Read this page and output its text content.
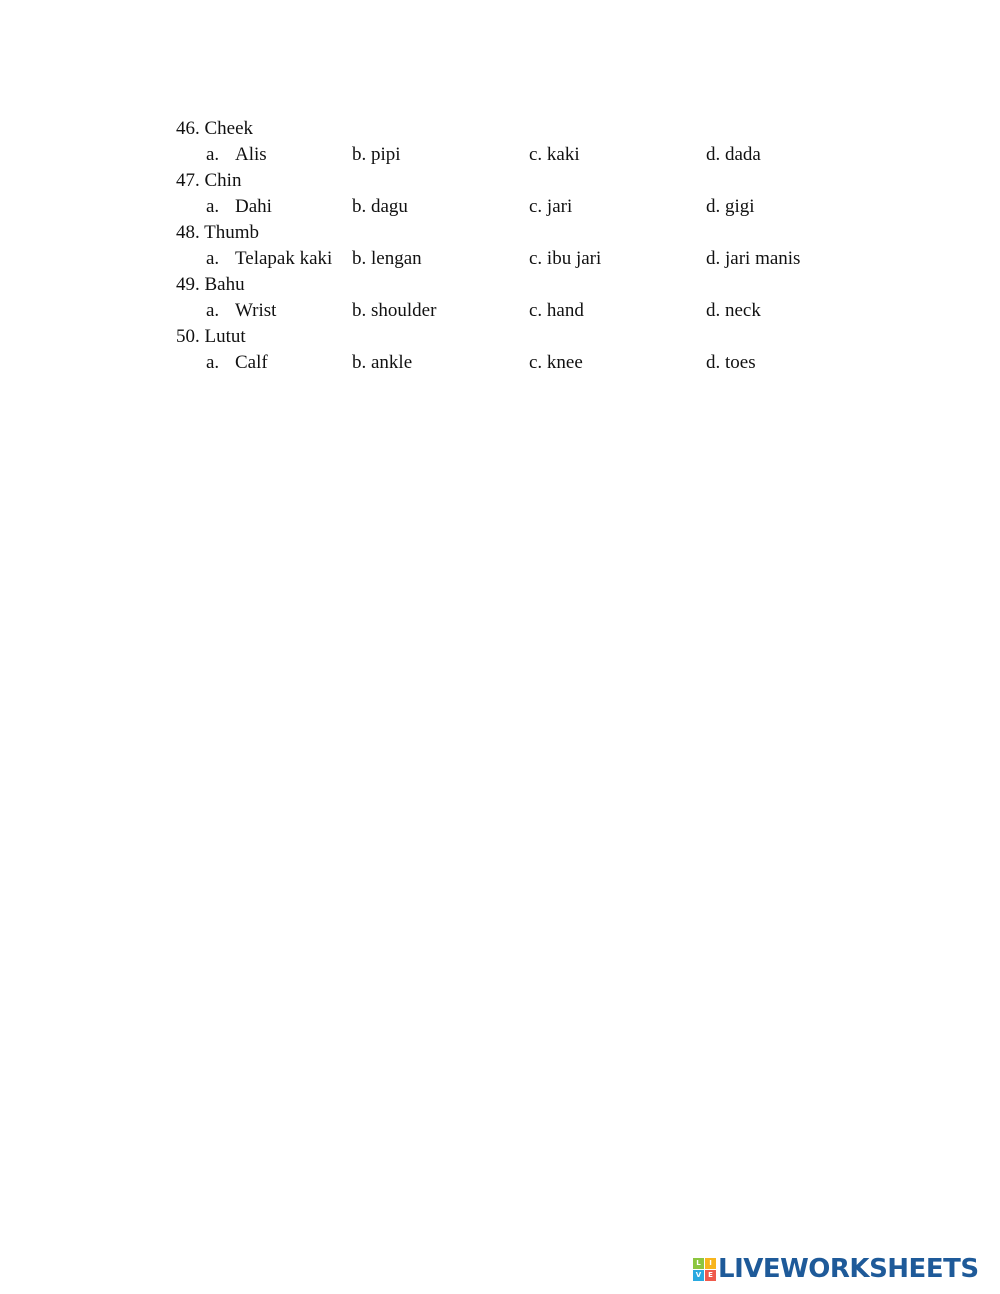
46. Cheek
a. Alis	b. pipi	c. kaki	d. dada
47. Chin
a. Dahi	b. dagu	c. jari	d. gigi
48. Thumb
a. Telapak kaki b. lengan	c. ibu jari	d. jari manis
49. Bahu
a. Wrist	b. shoulder	c. hand	d. neck
50. Lutut
a. Calf	b. ankle	c. knee	d. toes
L	I
V E LIVEWORKSHEETS
